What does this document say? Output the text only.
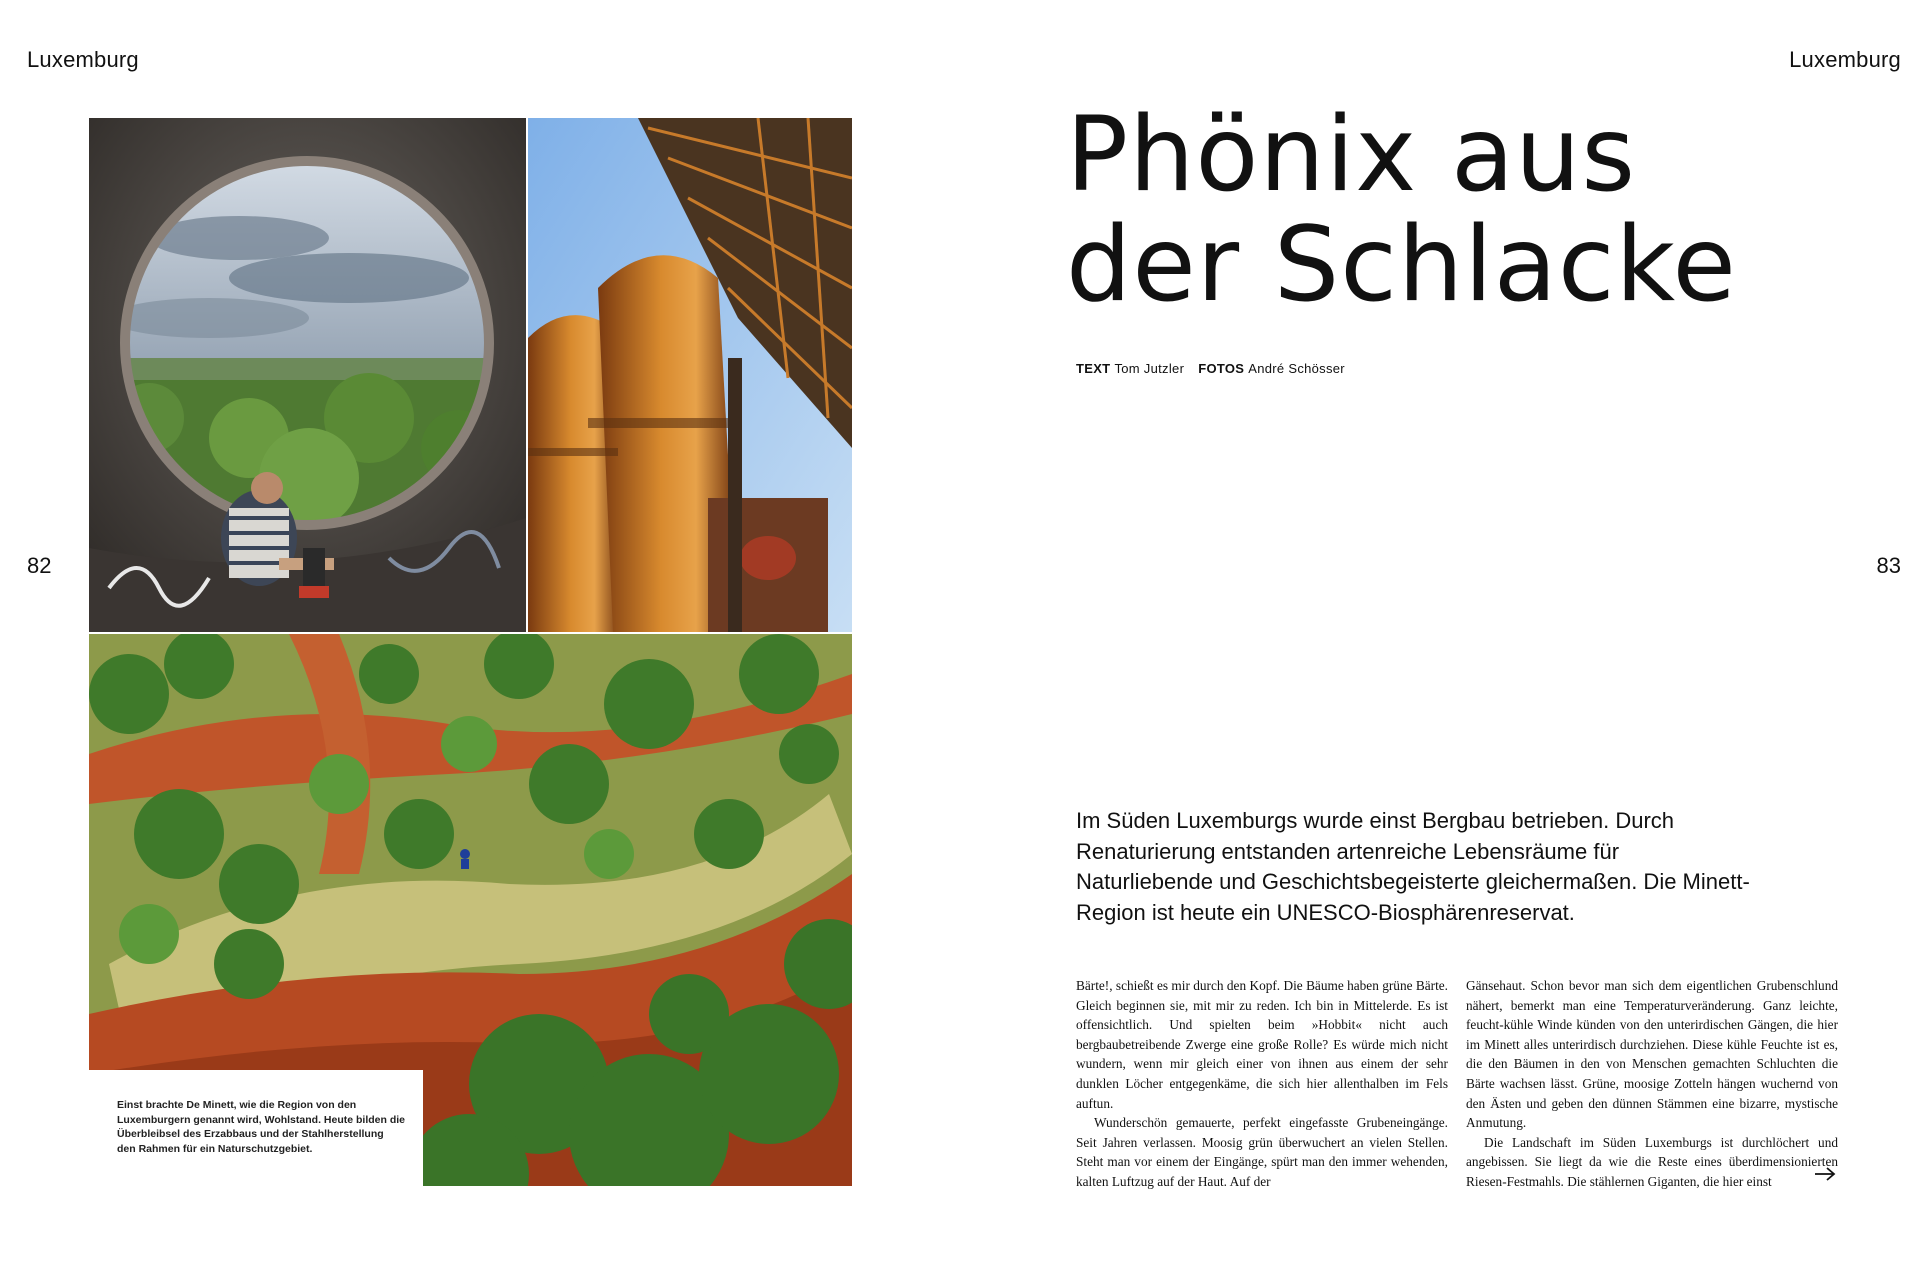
Luxemburg
82

Einst brachte De Minett, wie die Region von den Luxemburgern genannt wird, Wohlstand. Heute bilden die Überbleibsel des Erzabbaus und der Stahlherstellung den Rahmen für ein Naturschutzgebiet.

Luxemburg
83
Phönix aus
der Schlacke
TEXT Tom Jutzler FOTOS André Schösser

Im Süden Luxemburgs wurde einst Bergbau betrieben. Durch Renaturierung entstanden artenreiche Lebensräume für Naturliebende und Geschichtsbegeisterte gleichermaßen. Die Minett-Region ist heute ein UNESCO-Biosphärenreservat.

Bärte!, schießt es mir durch den Kopf. Die Bäume haben grüne Bärte. Gleich beginnen sie, mit mir zu reden. Ich bin in Mittelerde. Es ist offensichtlich. Und spielten beim »Hobbit« nicht auch bergbaubetreibende Zwerge eine große Rolle? Es würde mich nicht wundern, wenn mir gleich einer von ihnen aus einem der sehr dunklen Löcher entgegenkäme, die sich hier allenthalben im Fels auftun.

Wunderschön gemauerte, perfekt eingefasste Grubeneingänge. Seit Jahren verlassen. Moosig grün überwuchert an vielen Stellen. Steht man vor einem der Eingänge, spürt man den immer wehenden, kalten Luftzug auf der Haut. Auf der

Gänsehaut. Schon bevor man sich dem eigentlichen Grubenschlund nähert, bemerkt man eine Temperaturveränderung. Ganz leichte, feucht-kühle Winde künden von den unterirdischen Gängen, die hier im Minett alles unterirdisch durchziehen. Diese kühle Feuchte ist es, die den Bäumen in den von Menschen gemachten Schluchten die Bärte wachsen lässt. Grüne, moosige Zotteln hängen wuchernd von den Ästen und geben den dünnen Stämmen eine bizarre, mystische Anmutung.

Die Landschaft im Süden Luxemburgs ist durchlöchert und angebissen. Sie liegt da wie die Reste eines überdimensionierten Riesen-Festmahls. Die stählernen Giganten, die hier einst
